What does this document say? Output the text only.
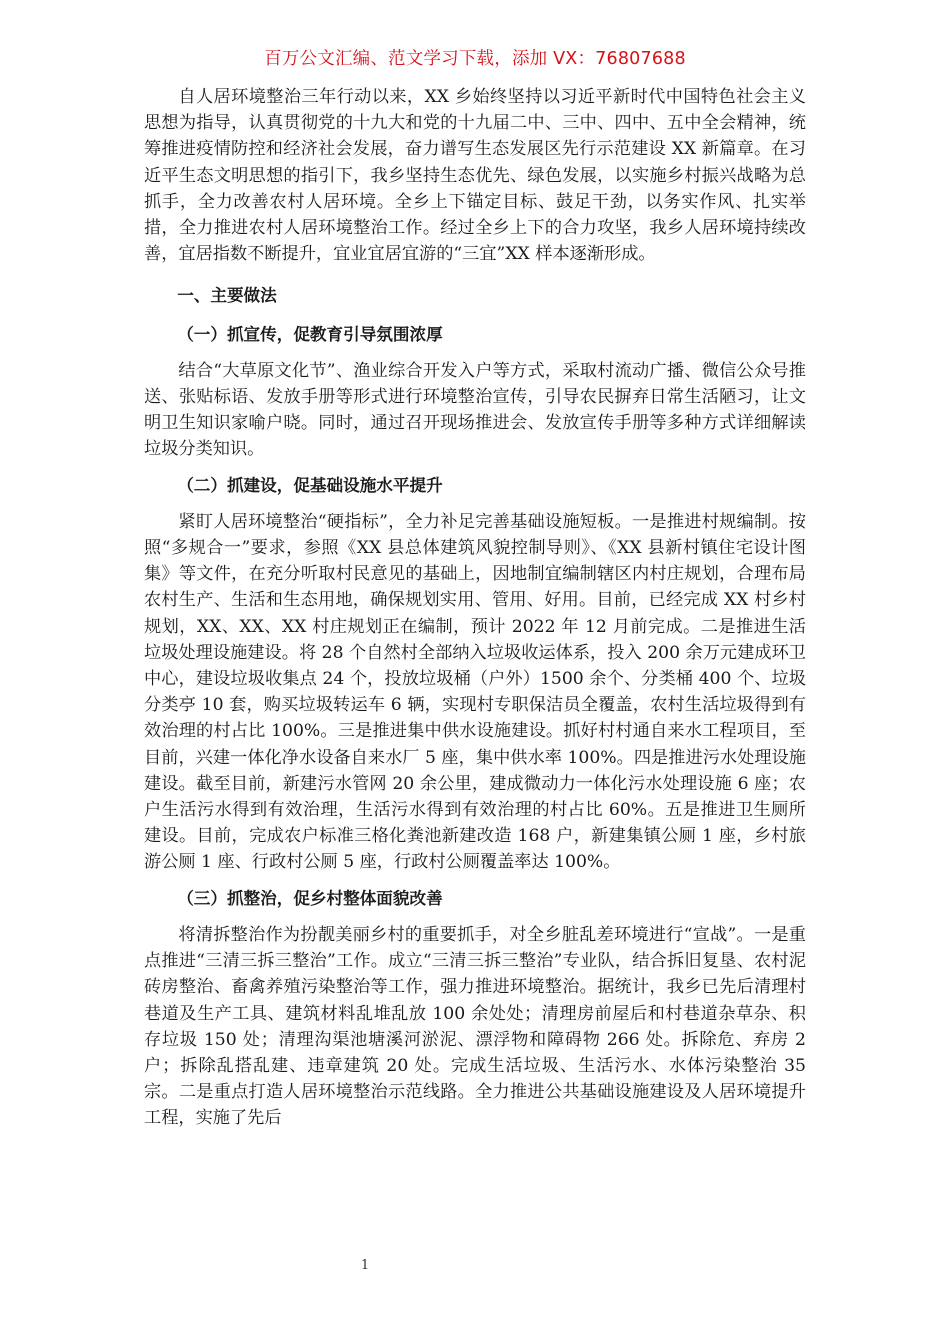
百万公文汇编、范文学习下载，添加 VX：76807688

自人居环境整治三年行动以来，XX 乡始终坚持以习近平新时代中国特色社会主义思想为指导，认真贯彻党的十九大和党的十九届二中、三中、四中、五中全会精神，统筹推进疫情防控和经济社会发展，奋力谱写生态发展区先行示范建设 XX 新篇章。在习近平生态文明思想的指引下，我乡坚持生态优先、绿色发展，以实施乡村振兴战略为总抓手，全力改善农村人居环境。全乡上下锚定目标、鼓足干劲，以务实作风、扎实举措，全力推进农村人居环境整治工作。经过全乡上下的合力攻坚，我乡人居环境持续改善，宜居指数不断提升，宜业宜居宜游的“三宜”XX 样本逐渐形成。

一、主要做法

（一）抓宣传，促教育引导氛围浓厚

结合“大草原文化节”、渔业综合开发入户等方式，采取村流动广播、微信公众号推送、张贴标语、发放手册等形式进行环境整治宣传，引导农民摒弃日常生活陋习，让文明卫生知识家喻户晓。同时，通过召开现场推进会、发放宣传手册等多种方式详细解读垃圾分类知识。

（二）抓建设，促基础设施水平提升

紧盯人居环境整治“硬指标”，全力补足完善基础设施短板。一是推进村规编制。按照“多规合一”要求，参照《XX 县总体建筑风貌控制导则》、《XX 县新村镇住宅设计图集》等文件，在充分听取村民意见的基础上，因地制宜编制辖区内村庄规划，合理布局农村生产、生活和生态用地，确保规划实用、管用、好用。目前，已经完成 XX 村乡村规划，XX、XX、XX 村庄规划正在编制，预计 2022 年 12 月前完成。二是推进生活垃圾处理设施建设。将 28 个自然村全部纳入垃圾收运体系，投入 200 余万元建成环卫中心，建设垃圾收集点 24 个，投放垃圾桶（户外）1500 余个、分类桶 400 个、垃圾分类亭 10 套，购买垃圾转运车 6 辆，实现村专职保洁员全覆盖，农村生活垃圾得到有效治理的村占比 100%。三是推进集中供水设施建设。抓好村村通自来水工程项目，至目前，兴建一体化净水设备自来水厂 5 座，集中供水率 100%。四是推进污水处理设施建设。截至目前，新建污水管网 20 余公里，建成微动力一体化污水处理设施 6 座；农户生活污水得到有效治理，生活污水得到有效治理的村占比 60%。五是推进卫生厕所建设。目前，完成农户标准三格化粪池新建改造 168 户，新建集镇公厕 1 座，乡村旅游公厕 1 座、行政村公厕 5 座，行政村公厕覆盖率达 100%。

（三）抓整治，促乡村整体面貌改善

将清拆整治作为扮靓美丽乡村的重要抓手，对全乡脏乱差环境进行“宣战”。一是重点推进“三清三拆三整治”工作。成立“三清三拆三整治”专业队，结合拆旧复垦、农村泥砖房整治、畜禽养殖污染整治等工作，强力推进环境整治。据统计，我乡已先后清理村巷道及生产工具、建筑材料乱堆乱放 100 余处处；清理房前屋后和村巷道杂草杂、积存垃圾 150 处；清理沟渠池塘溪河淤泥、漂浮物和障碍物 266 处。拆除危、弃房 2 户；拆除乱搭乱建、违章建筑 20 处。完成生活垃圾、生活污水、水体污染整治 35 宗。二是重点打造人居环境整治示范线路。全力推进公共基础设施建设及人居环境提升工程，实施了先后

1
